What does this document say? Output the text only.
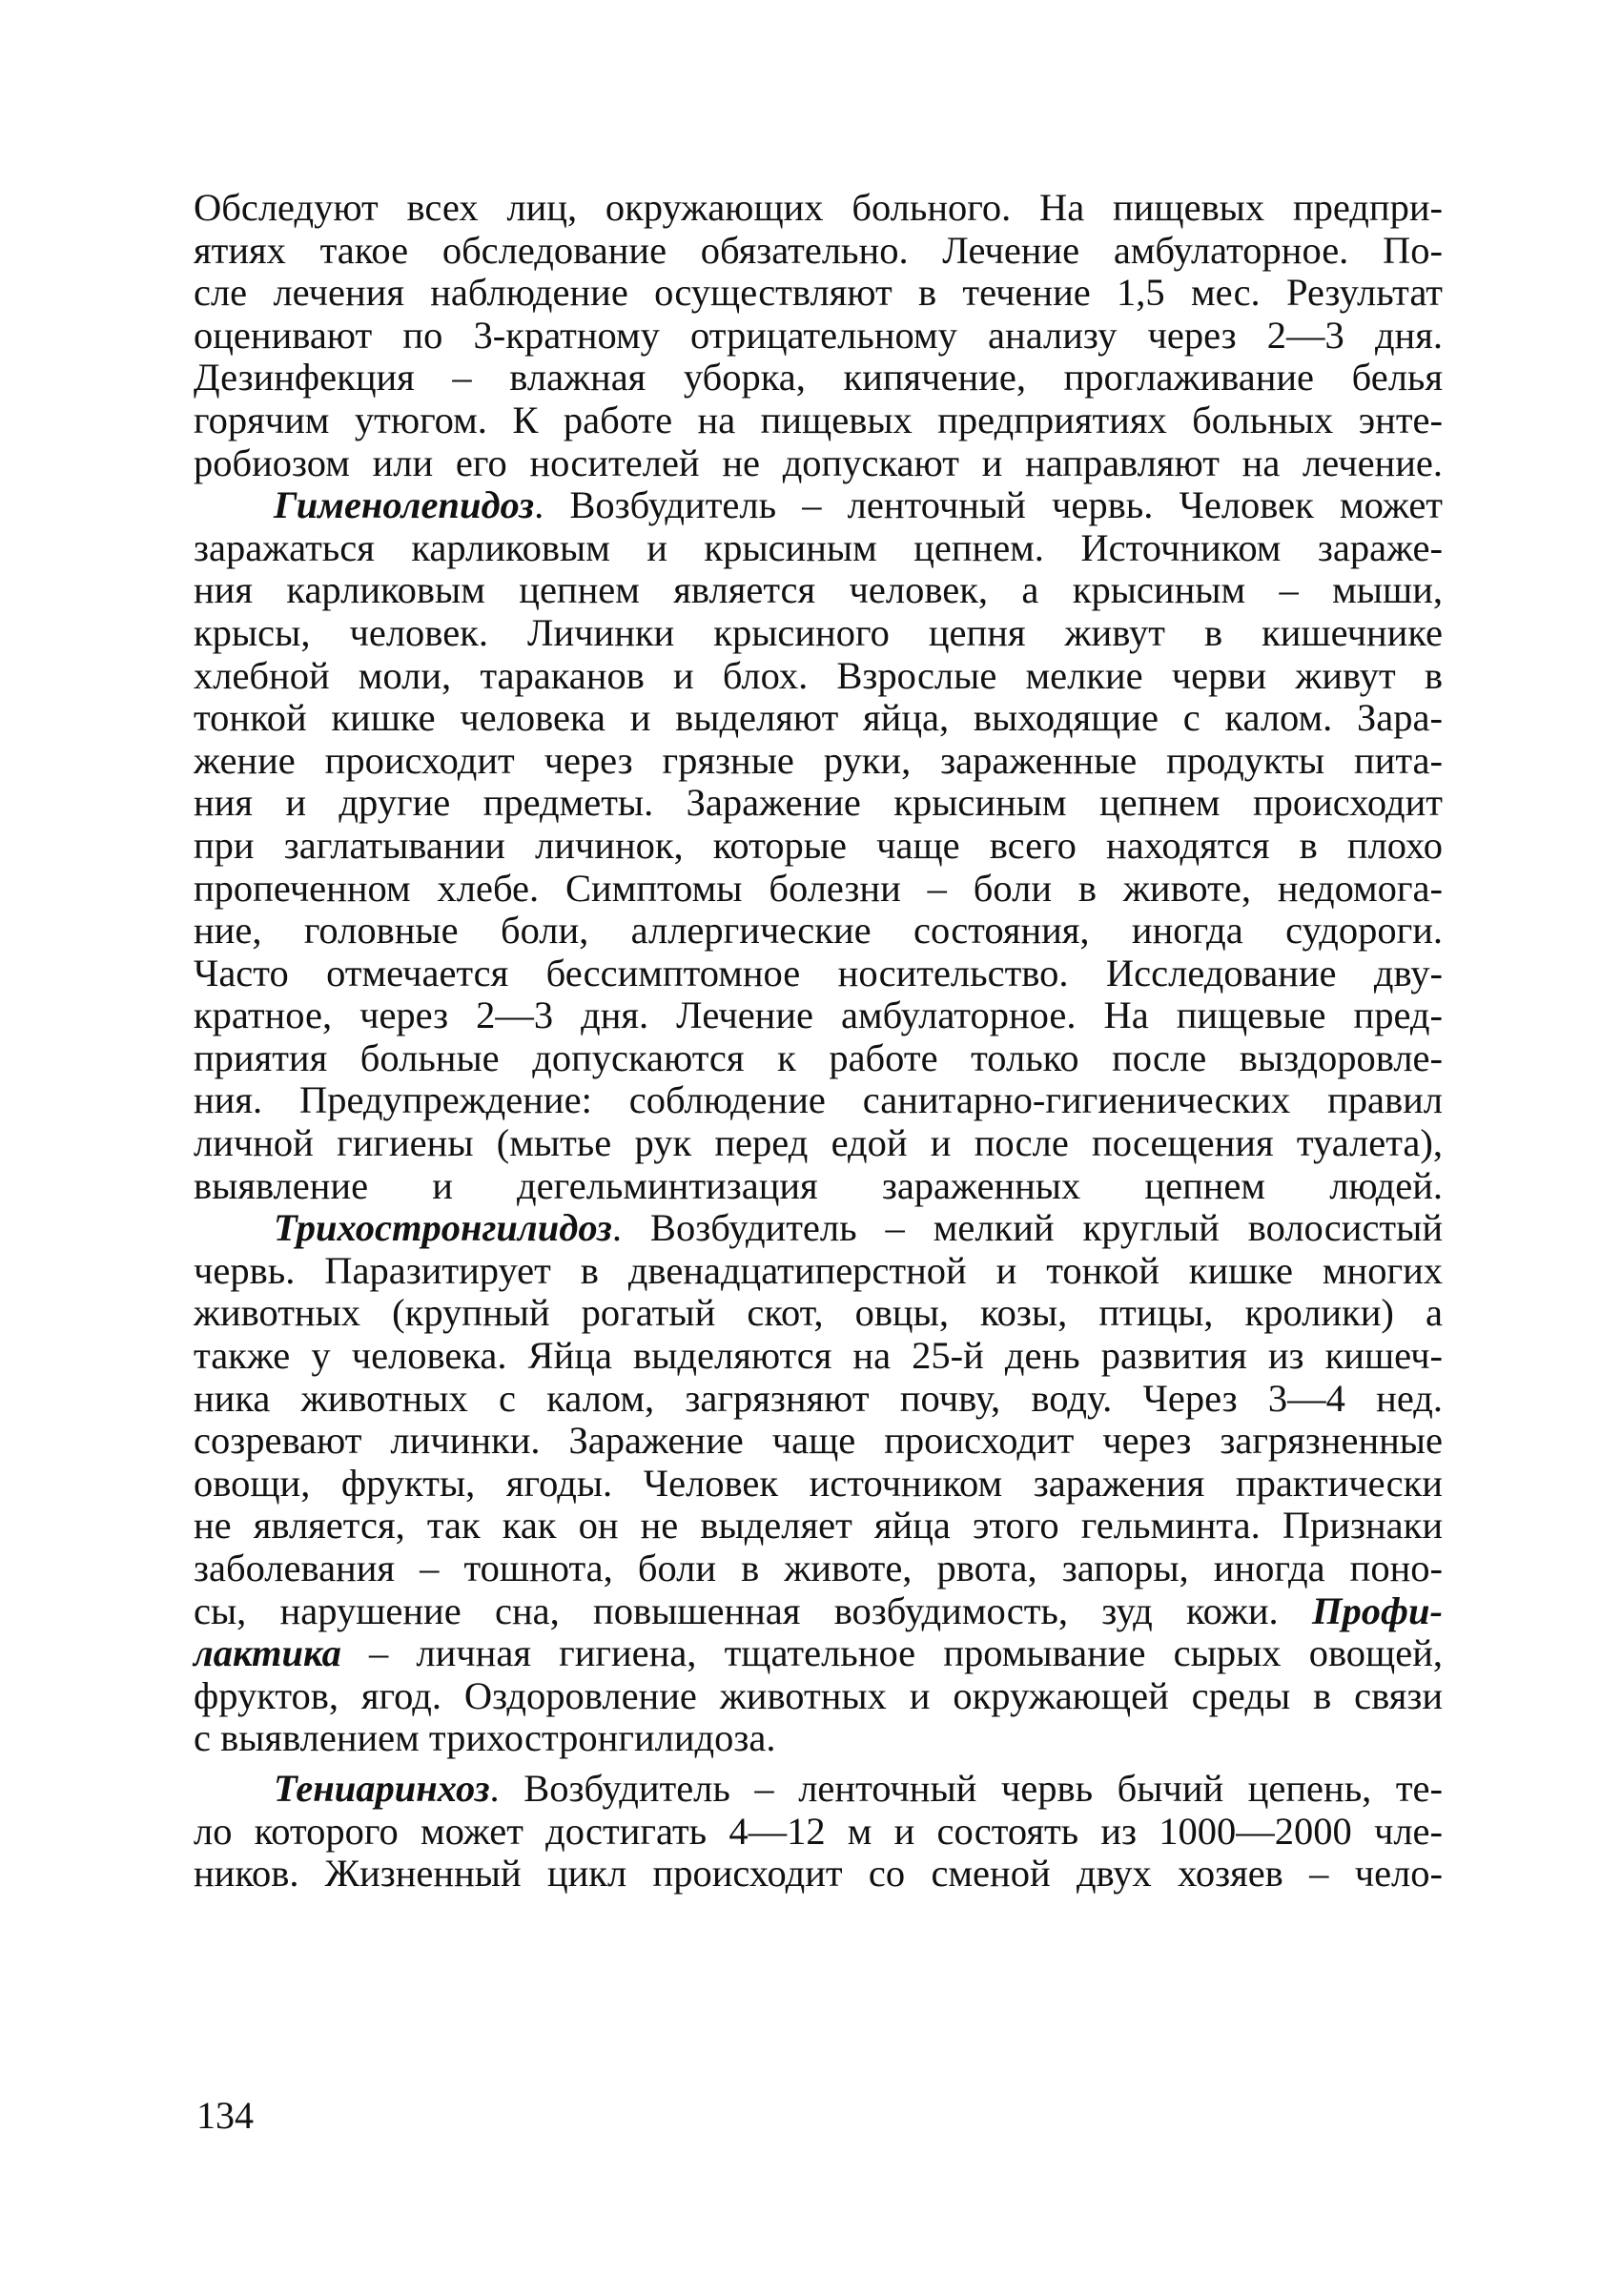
Обследуют всех лиц, окружающих больного. На пищевых предпри-
ятиях такое обследование обязательно. Лечение амбулаторное. По-
сле лечения наблюдение осуществляют в течение 1,5 мес. Результат
оценивают по 3-кратному отрицательному анализу через 2—3 дня.
Дезинфекция – влажная уборка, кипячение, проглаживание белья
горячим утюгом. К работе на пищевых предприятиях больных энте-
робиозом или его носителей не допускают и направляют на лечение.
Гименолепидоз. Возбудитель – ленточный червь. Человек может
заражаться карликовым и крысиным цепнем. Источником зараже-
ния карликовым цепнем является человек, а крысиным – мыши,
крысы, человек. Личинки крысиного цепня живут в кишечнике
хлебной моли, тараканов и блох. Взрослые мелкие черви живут в
тонкой кишке человека и выделяют яйца, выходящие с калом. Зара-
жение происходит через грязные руки, зараженные продукты пита-
ния и другие предметы. Заражение крысиным цепнем происходит
при заглатывании личинок, которые чаще всего находятся в плохо
пропеченном хлебе. Симптомы болезни – боли в животе, недомога-
ние, головные боли, аллергические состояния, иногда судороги.
Часто отмечается бессимптомное носительство. Исследование дву-
кратное, через 2—3 дня. Лечение амбулаторное. На пищевые пред-
приятия больные допускаются к работе только после выздоровле-
ния. Предупреждение: соблюдение санитарно-гигиенических правил
личной гигиены (мытье рук перед едой и после посещения туалета),
выявление и дегельминтизация зараженных цепнем людей.
Трихостронгилидоз. Возбудитель – мелкий круглый волосистый
червь. Паразитирует в двенадцатиперстной и тонкой кишке многих
животных (крупный рогатый скот, овцы, козы, птицы, кролики) а
также у человека. Яйца выделяются на 25-й день развития из кишеч-
ника животных с калом, загрязняют почву, воду. Через 3—4 нед.
созревают личинки. Заражение чаще происходит через загрязненные
овощи, фрукты, ягоды. Человек источником заражения практически
не является, так как он не выделяет яйца этого гельминта. Признаки
заболевания – тошнота, боли в животе, рвота, запоры, иногда поно-
сы, нарушение сна, повышенная возбудимость, зуд кожи. Профи-
лактика – личная гигиена, тщательное промывание сырых овощей,
фруктов, ягод. Оздоровление животных и окружающей среды в связи
с выявлением трихостронгилидоза.
Тениаринхоз. Возбудитель – ленточный червь бычий цепень, те-
ло которого может достигать 4—12 м и состоять из 1000—2000 чле-
ников. Жизненный цикл происходит со сменой двух хозяев – чело-
134
